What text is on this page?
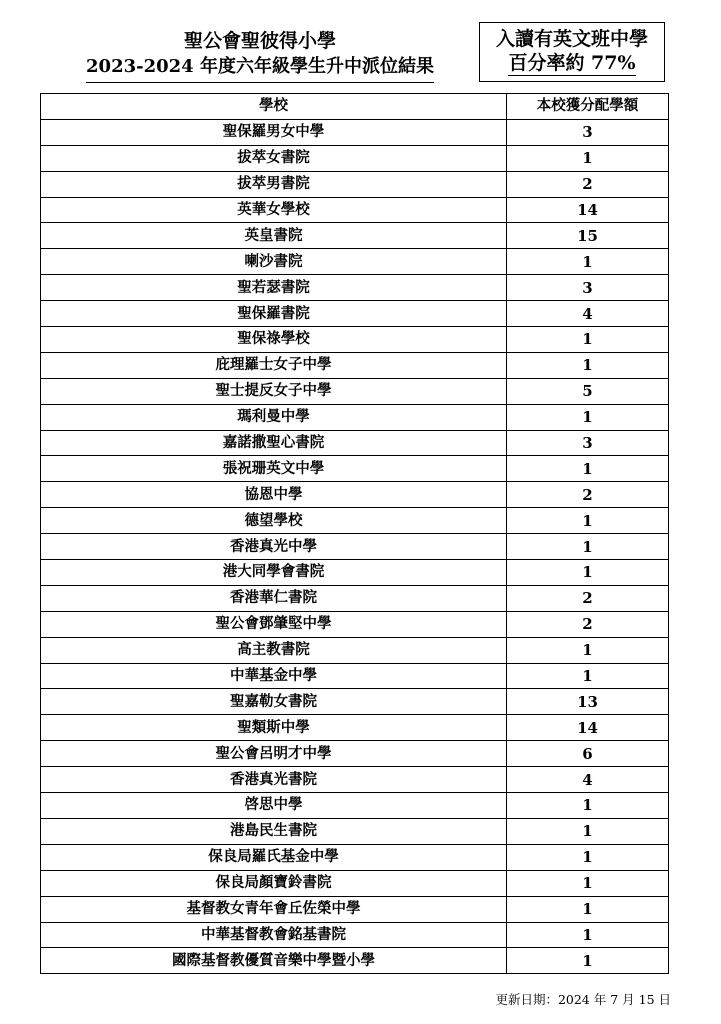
聖公會聖彼得小學
2023-2024 年度六年級學生升中派位結果
入讀有英文班中學
百分率約 77%
學校	本校獲分配學額
聖保羅男女中學	3
拔萃女書院	1
拔萃男書院	2
英華女學校	14
英皇書院	15
喇沙書院	1
聖若瑟書院	3
聖保羅書院	4
聖保祿學校	1
庇理羅士女子中學	1
聖士提反女子中學	5
瑪利曼中學	1
嘉諾撒聖心書院	3
張祝珊英文中學	1
協恩中學	2
德望學校	1
香港真光中學	1
港大同學會書院	1
香港華仁書院	2
聖公會鄧肇堅中學	2
高主教書院	1
中華基金中學	1
聖嘉勒女書院	13
聖類斯中學	14
聖公會呂明才中學	6
香港真光書院	4
啓思中學	1
港島民生書院	1
保良局羅氏基金中學	1
保良局顏寶鈴書院	1
基督教女青年會丘佐榮中學	1
中華基督教會銘基書院	1
國際基督教優質音樂中學暨小學	1
更新日期：2024 年 7 月 15 日
